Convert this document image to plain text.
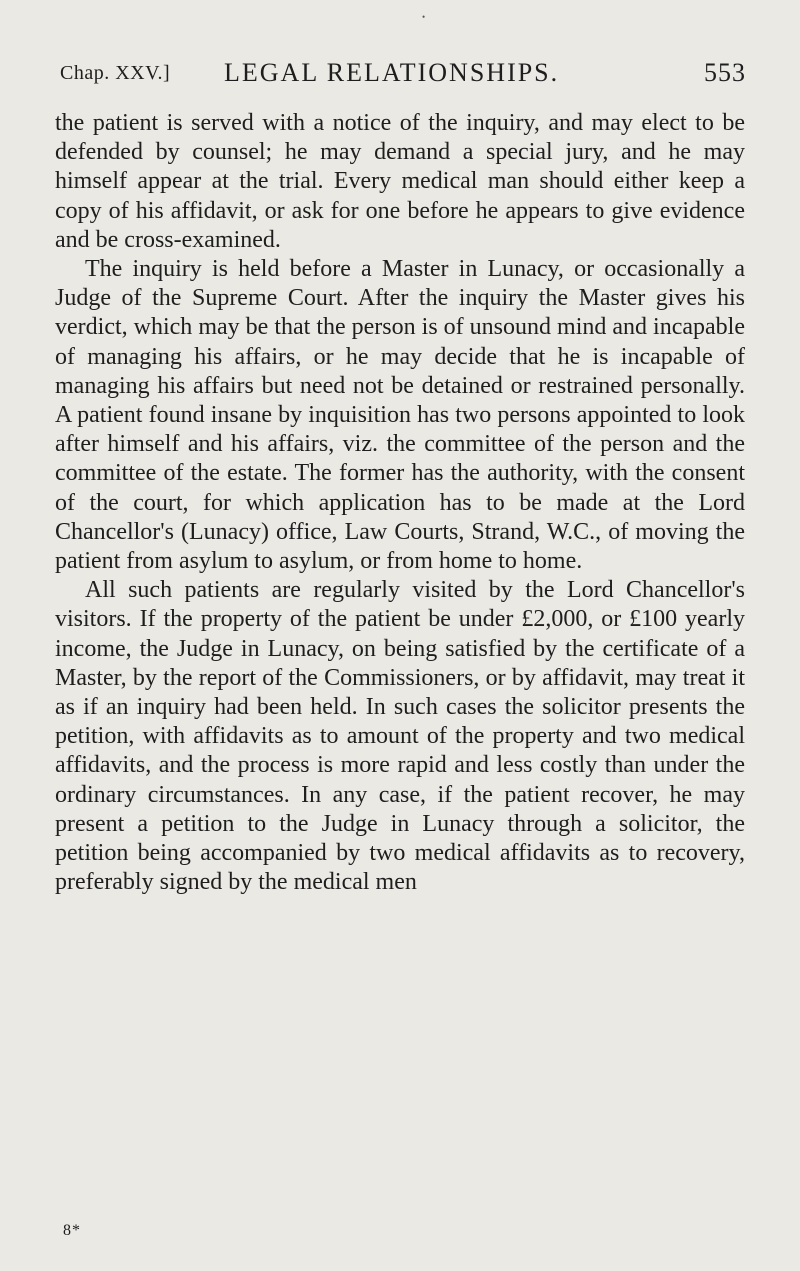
•
Chap. XXV.] LEGAL RELATIONSHIPS.	553

the patient is served with a notice of the inquiry, and may elect to be defended by counsel; he may demand a special jury, and he may himself appear at the trial. Every medical man should either keep a copy of his affidavit, or ask for one before he appears to give evidence and be cross-examined.

The inquiry is held before a Master in Lunacy, or occasionally a Judge of the Supreme Court. After the inquiry the Master gives his verdict, which may be that the person is of unsound mind and incapable of managing his affairs, or he may decide that he is incapable of managing his affairs but need not be detained or restrained personally. A patient found insane by inquisition has two persons appointed to look after himself and his affairs, viz. the committee of the person and the committee of the estate. The former has the authority, with the consent of the court, for which application has to be made at the Lord Chancellor's (Lunacy) office, Law Courts, Strand, W.C., of moving the patient from asylum to asylum, or from home to home.

All such patients are regularly visited by the Lord Chancellor's visitors. If the property of the patient be under £2,000, or £100 yearly income, the Judge in Lunacy, on being satisfied by the certificate of a Master, by the report of the Commissioners, or by affidavit, may treat it as if an inquiry had been held. In such cases the solicitor presents the petition, with affidavits as to amount of the property and two medical affidavits, and the process is more rapid and less costly than under the ordinary circumstances. In any case, if the patient recover, he may present a petition to the Judge in Lunacy through a solicitor, the petition being accompanied by two medical affidavits as to recovery, preferably signed by the medical men

8*
